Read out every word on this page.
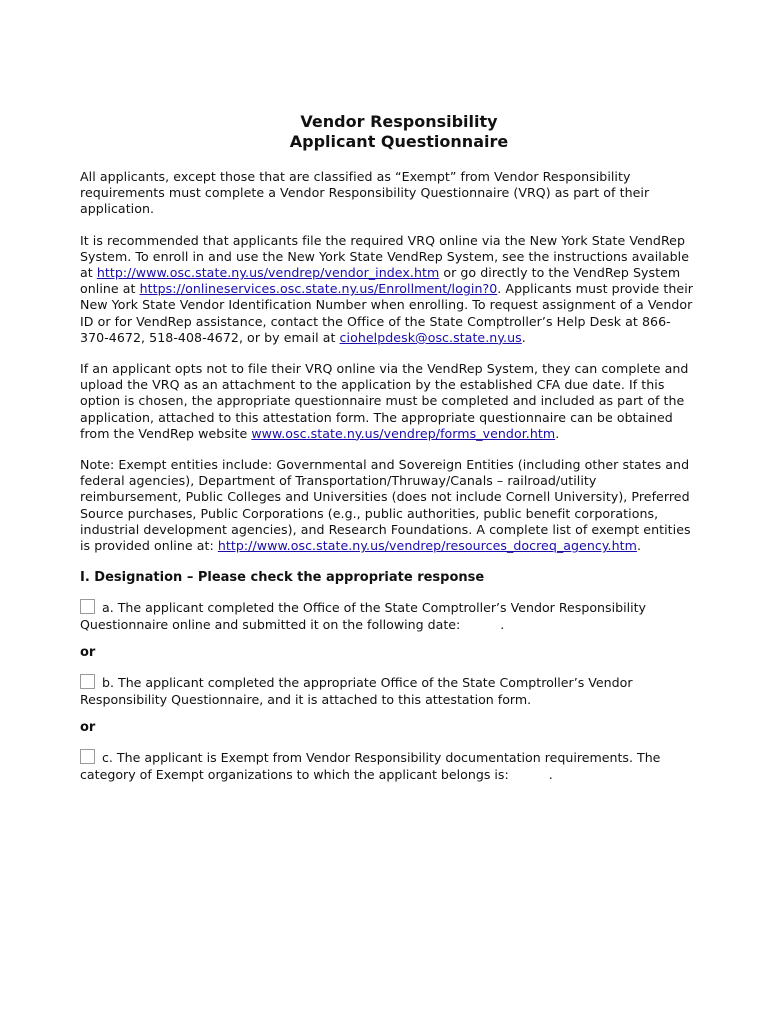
Vendor Responsibility
Applicant Questionnaire

All applicants, except those that are classified as “Exempt” from Vendor Responsibility requirements must complete a Vendor Responsibility Questionnaire (VRQ) as part of their application.

It is recommended that applicants file the required VRQ online via the New York State VendRep System. To enroll in and use the New York State VendRep System, see the instructions available at http://www.osc.state.ny.us/vendrep/vendor_index.htm or go directly to the VendRep System online at https://onlineservices.osc.state.ny.us/Enrollment/login?0. Applicants must provide their New York State Vendor Identification Number when enrolling. To request assignment of a Vendor ID or for VendRep assistance, contact the Office of the State Comptroller’s Help Desk at 866-370-4672, 518-408-4672, or by email at ciohelpdesk@osc.state.ny.us.

If an applicant opts not to file their VRQ online via the VendRep System, they can complete and upload the VRQ as an attachment to the application by the established CFA due date. If this option is chosen, the appropriate questionnaire must be completed and included as part of the application, attached to this attestation form. The appropriate questionnaire can be obtained from the VendRep website www.osc.state.ny.us/vendrep/forms_vendor.htm.

Note: Exempt entities include: Governmental and Sovereign Entities (including other states and federal agencies), Department of Transportation/Thruway/Canals – railroad/utility reimbursement, Public Colleges and Universities (does not include Cornell University), Preferred Source purchases, Public Corporations (e.g., public authorities, public benefit corporations, industrial development agencies), and Research Foundations. A complete list of exempt entities is provided online at: http://www.osc.state.ny.us/vendrep/resources_docreq_agency.htm.

I. Designation – Please check the appropriate response

a. The applicant completed the Office of the State Comptroller’s Vendor Responsibility Questionnaire online and submitted it on the following date:	.

or

b. The applicant completed the appropriate Office of the State Comptroller’s Vendor Responsibility Questionnaire, and it is attached to this attestation form.

or

c. The applicant is Exempt from Vendor Responsibility documentation requirements. The category of Exempt organizations to which the applicant belongs is:	.
